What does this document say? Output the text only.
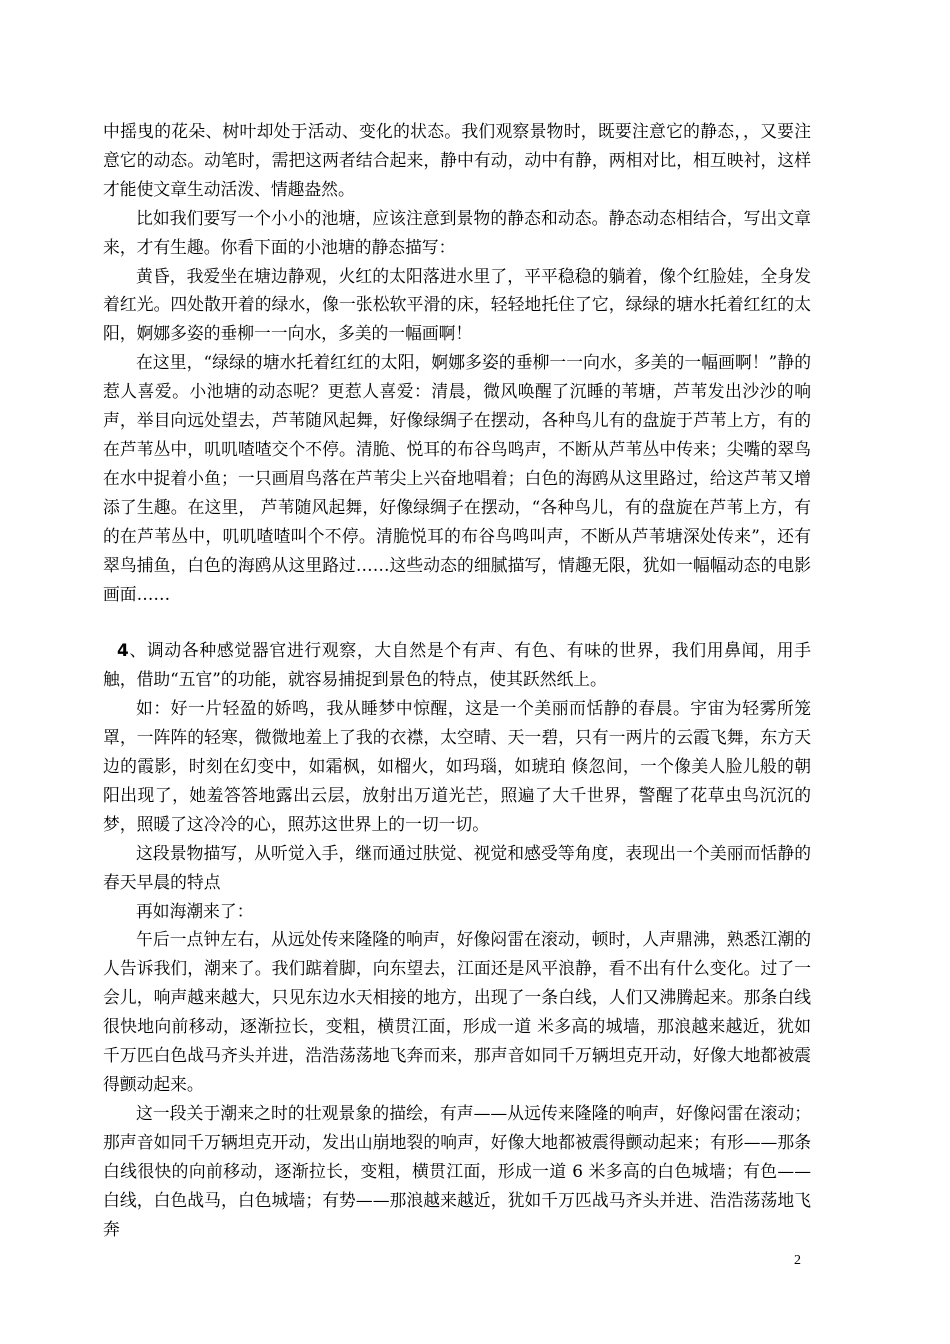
中摇曳的花朵、树叶却处于活动、变化的状态。我们观察景物时，既要注意它的静态，，又要注意它的动态。动笔时，需把这两者结合起来，静中有动，动中有静，两相对比，相互映衬，这样才能使文章生动活泼、情趣盎然。

比如我们要写一个小小的池塘，应该注意到景物的静态和动态。静态动态相结合，写出文章来，才有生趣。你看下面的小池塘的静态描写：

黄昏，我爱坐在塘边静观，火红的太阳落进水里了，平平稳稳的躺着，像个红脸娃，全身发着红光。四处散开着的绿水，像一张松软平滑的床，轻轻地托住了它，绿绿的塘水托着红红的太阳，婀娜多姿的垂柳一一向水，多美的一幅画啊！

在这里，“绿绿的塘水托着红红的太阳，婀娜多姿的垂柳一一向水，多美的一幅画啊！”静的惹人喜爱。小池塘的动态呢？更惹人喜爱：清晨，微风唤醒了沉睡的苇塘，芦苇发出沙沙的响声，举目向远处望去，芦苇随风起舞，好像绿绸子在摆动，各种鸟儿有的盘旋于芦苇上方，有的在芦苇丛中，叽叽喳喳交个不停。清脆、悦耳的布谷鸟鸣声，不断从芦苇丛中传来；尖嘴的翠鸟在水中捉着小鱼；一只画眉鸟落在芦苇尖上兴奋地唱着；白色的海鸥从这里路过，给这芦苇又增添了生趣。在这里， 芦苇随风起舞，好像绿绸子在摆动，“各种鸟儿，有的盘旋在芦苇上方，有的在芦苇丛中，叽叽喳喳叫个不停。清脆悦耳的布谷鸟鸣叫声，不断从芦苇塘深处传来”，还有翠鸟捕鱼，白色的海鸥从这里路过……这些动态的细腻描写，情趣无限，犹如一幅幅动态的电影画面……

4、调动各种感觉器官进行观察，大自然是个有声、有色、有味的世界，我们用鼻闻，用手触，借助“五官”的功能，就容易捕捉到景色的特点，使其跃然纸上。

如：好一片轻盈的娇鸣，我从睡梦中惊醒，这是一个美丽而恬静的春晨。宇宙为轻雾所笼罩，一阵阵的轻寒，微微地羞上了我的衣襟，太空晴、天一碧，只有一两片的云霞飞舞，东方天边的霞影，时刻在幻变中，如霜枫，如榴火，如玛瑙，如琥珀 倏忽间，一个像美人脸儿般的朝阳出现了，她羞答答地露出云层，放射出万道光芒，照遍了大千世界，警醒了花草虫鸟沉沉的梦，照暖了这冷冷的心，照苏这世界上的一切一切。

这段景物描写，从听觉入手，继而通过肤觉、视觉和感受等角度，表现出一个美丽而恬静的春天早晨的特点

再如海潮来了：

午后一点钟左右，从远处传来隆隆的响声，好像闷雷在滚动，顿时，人声鼎沸，熟悉江潮的人告诉我们，潮来了。我们踮着脚，向东望去，江面还是风平浪静，看不出有什么变化。过了一会儿，响声越来越大，只见东边水天相接的地方，出现了一条白线，人们又沸腾起来。那条白线很快地向前移动，逐渐拉长，变粗，横贯江面，形成一道 米多高的城墙，那浪越来越近，犹如千万匹白色战马齐头并进，浩浩荡荡地飞奔而来，那声音如同千万辆坦克开动，好像大地都被震得颤动起来。

这一段关于潮来之时的壮观景象的描绘，有声——从远传来隆隆的响声，好像闷雷在滚动；那声音如同千万辆坦克开动，发出山崩地裂的响声，好像大地都被震得颤动起来；有形——那条白线很快的向前移动，逐渐拉长，变粗，横贯江面，形成一道 6 米多高的白色城墙；有色——白线，白色战马，白色城墙；有势——那浪越来越近，犹如千万匹战马齐头并进、浩浩荡荡地飞奔

2
